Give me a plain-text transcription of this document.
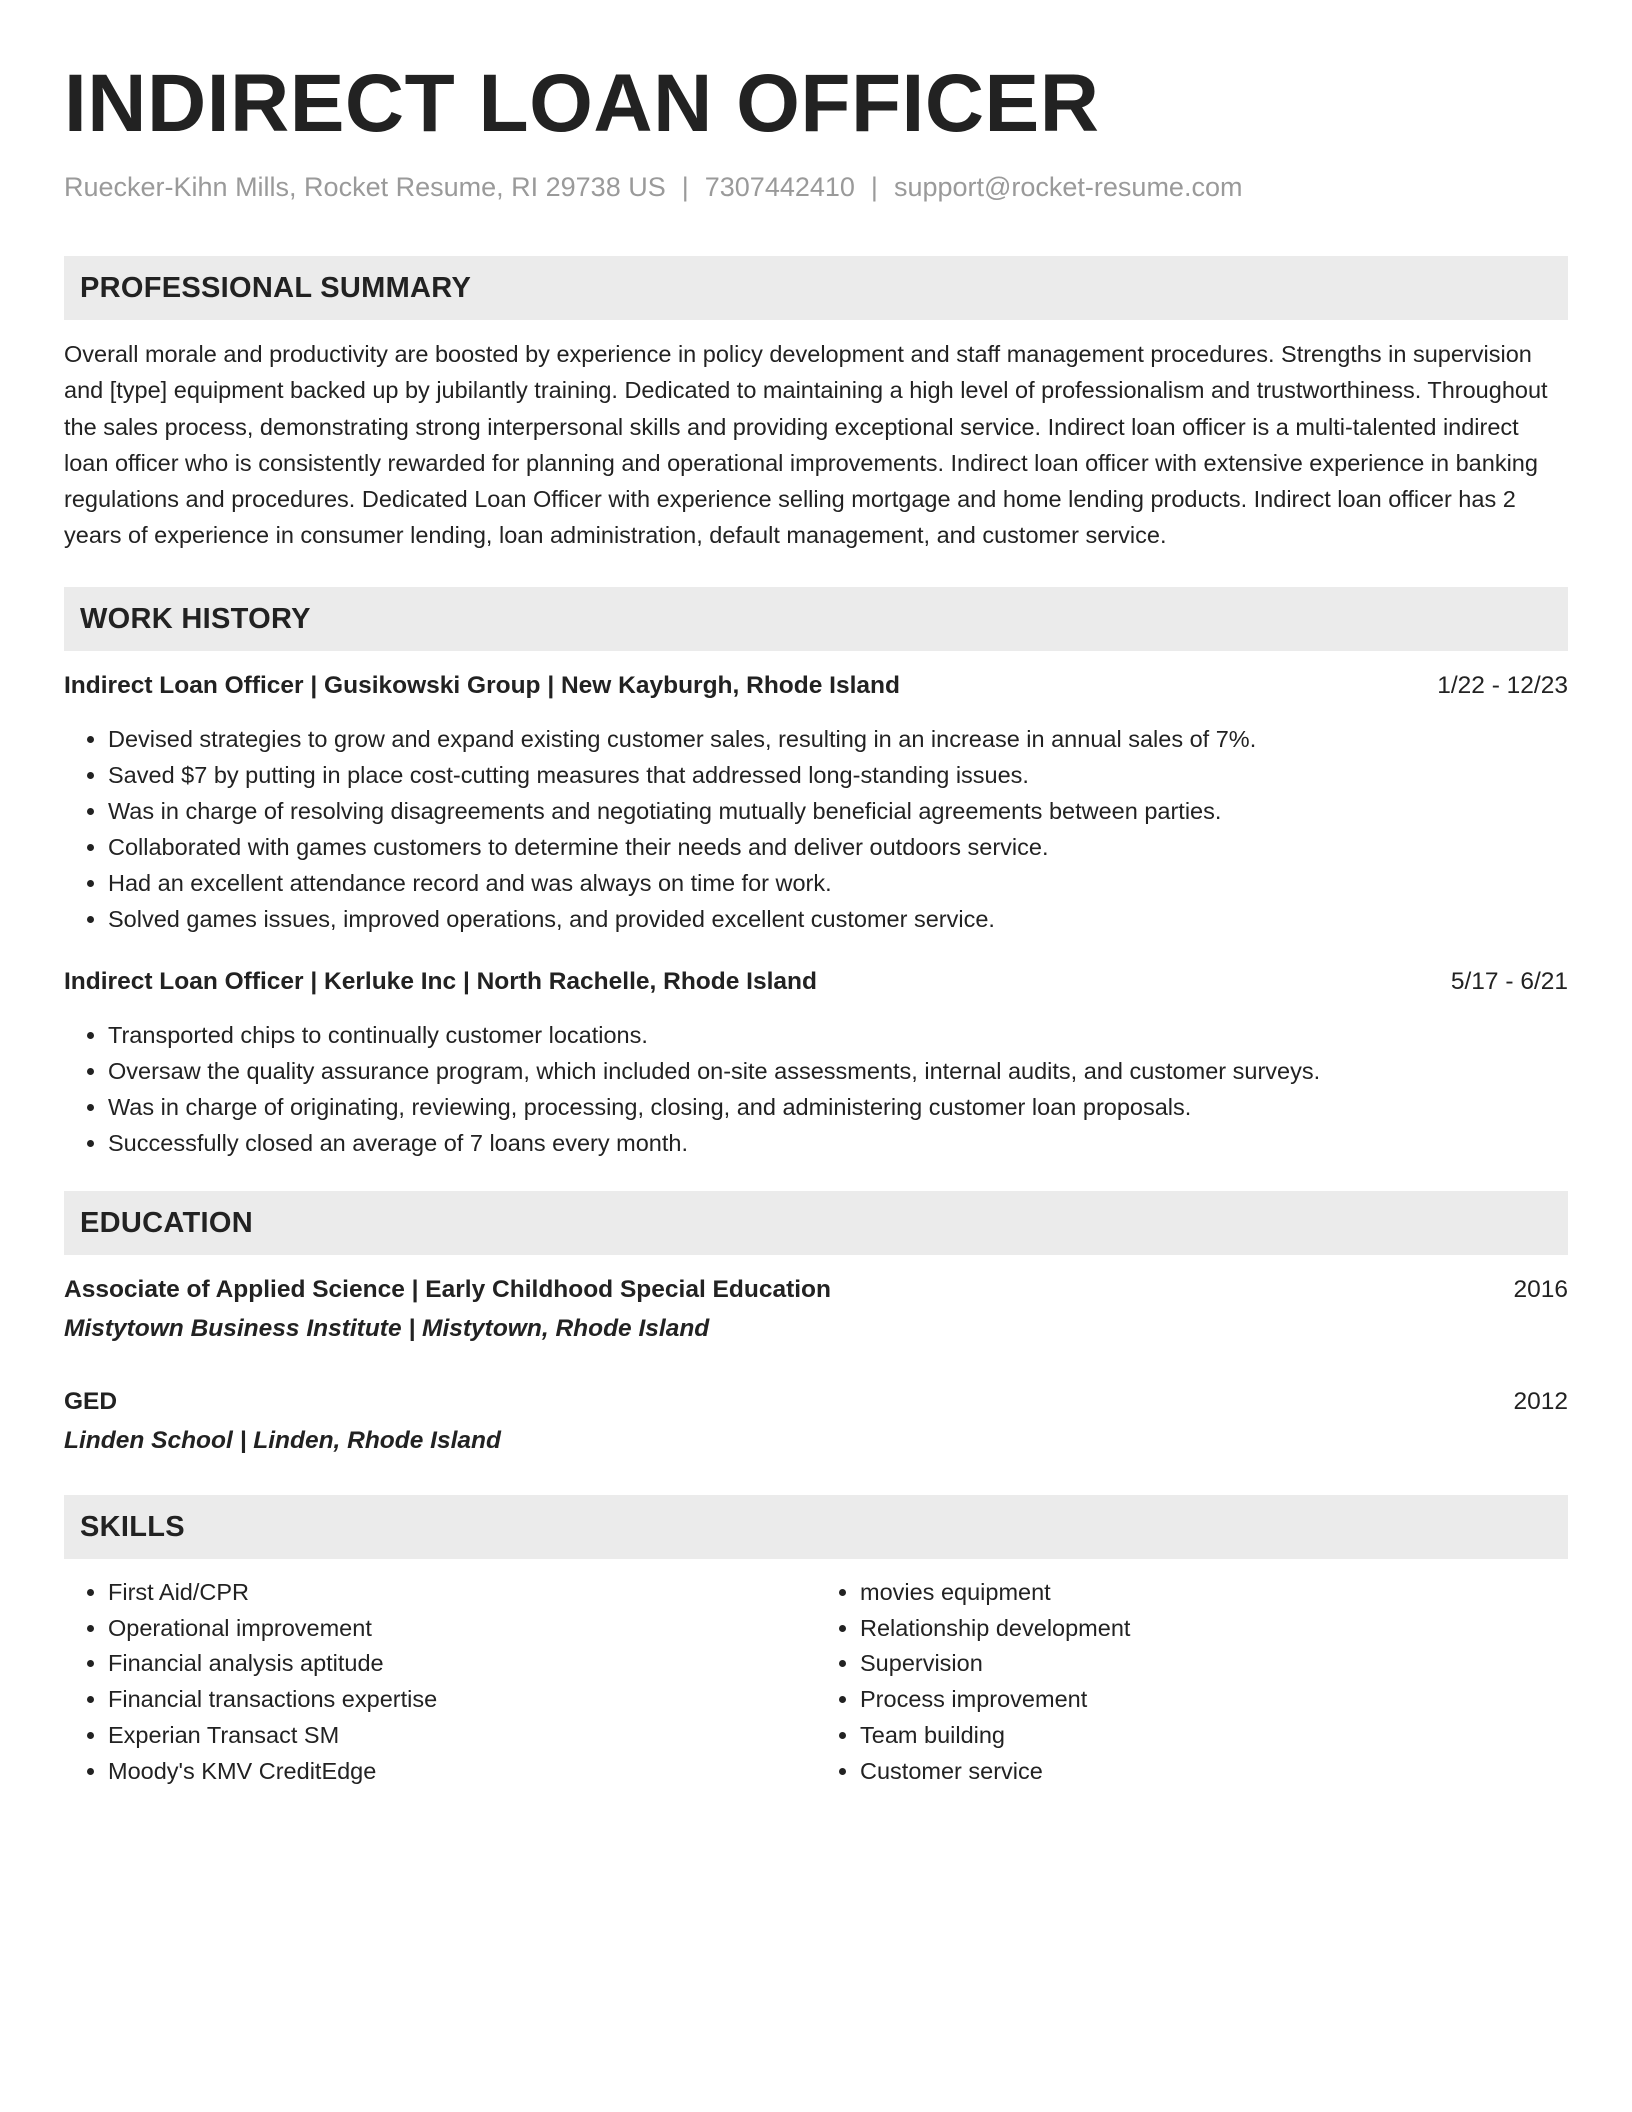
INDIRECT LOAN OFFICER
Ruecker-Kihn Mills, Rocket Resume, RI 29738 US | 7307442410 | support@rocket-resume.com
PROFESSIONAL SUMMARY
Overall morale and productivity are boosted by experience in policy development and staff management procedures. Strengths in supervision and [type] equipment backed up by jubilantly training. Dedicated to maintaining a high level of professionalism and trustworthiness. Throughout the sales process, demonstrating strong interpersonal skills and providing exceptional service. Indirect loan officer is a multi-talented indirect loan officer who is consistently rewarded for planning and operational improvements. Indirect loan officer with extensive experience in banking regulations and procedures. Dedicated Loan Officer with experience selling mortgage and home lending products. Indirect loan officer has 2 years of experience in consumer lending, loan administration, default management, and customer service.
WORK HISTORY
Indirect Loan Officer | Gusikowski Group | New Kayburgh, Rhode Island	1/22 - 12/23
• Devised strategies to grow and expand existing customer sales, resulting in an increase in annual sales of 7%.
• Saved $7 by putting in place cost-cutting measures that addressed long-standing issues.
• Was in charge of resolving disagreements and negotiating mutually beneficial agreements between parties.
• Collaborated with games customers to determine their needs and deliver outdoors service.
• Had an excellent attendance record and was always on time for work.
• Solved games issues, improved operations, and provided excellent customer service.
Indirect Loan Officer | Kerluke Inc | North Rachelle, Rhode Island	5/17 - 6/21
• Transported chips to continually customer locations.
• Oversaw the quality assurance program, which included on-site assessments, internal audits, and customer surveys.
• Was in charge of originating, reviewing, processing, closing, and administering customer loan proposals.
• Successfully closed an average of 7 loans every month.
EDUCATION
Associate of Applied Science | Early Childhood Special Education	2016
Mistytown Business Institute | Mistytown, Rhode Island
GED	2012
Linden School | Linden, Rhode Island
SKILLS
• First Aid/CPR
• Operational improvement
• Financial analysis aptitude
• Financial transactions expertise
• Experian Transact SM
• Moody's KMV CreditEdge
• movies equipment
• Relationship development
• Supervision
• Process improvement
• Team building
• Customer service
